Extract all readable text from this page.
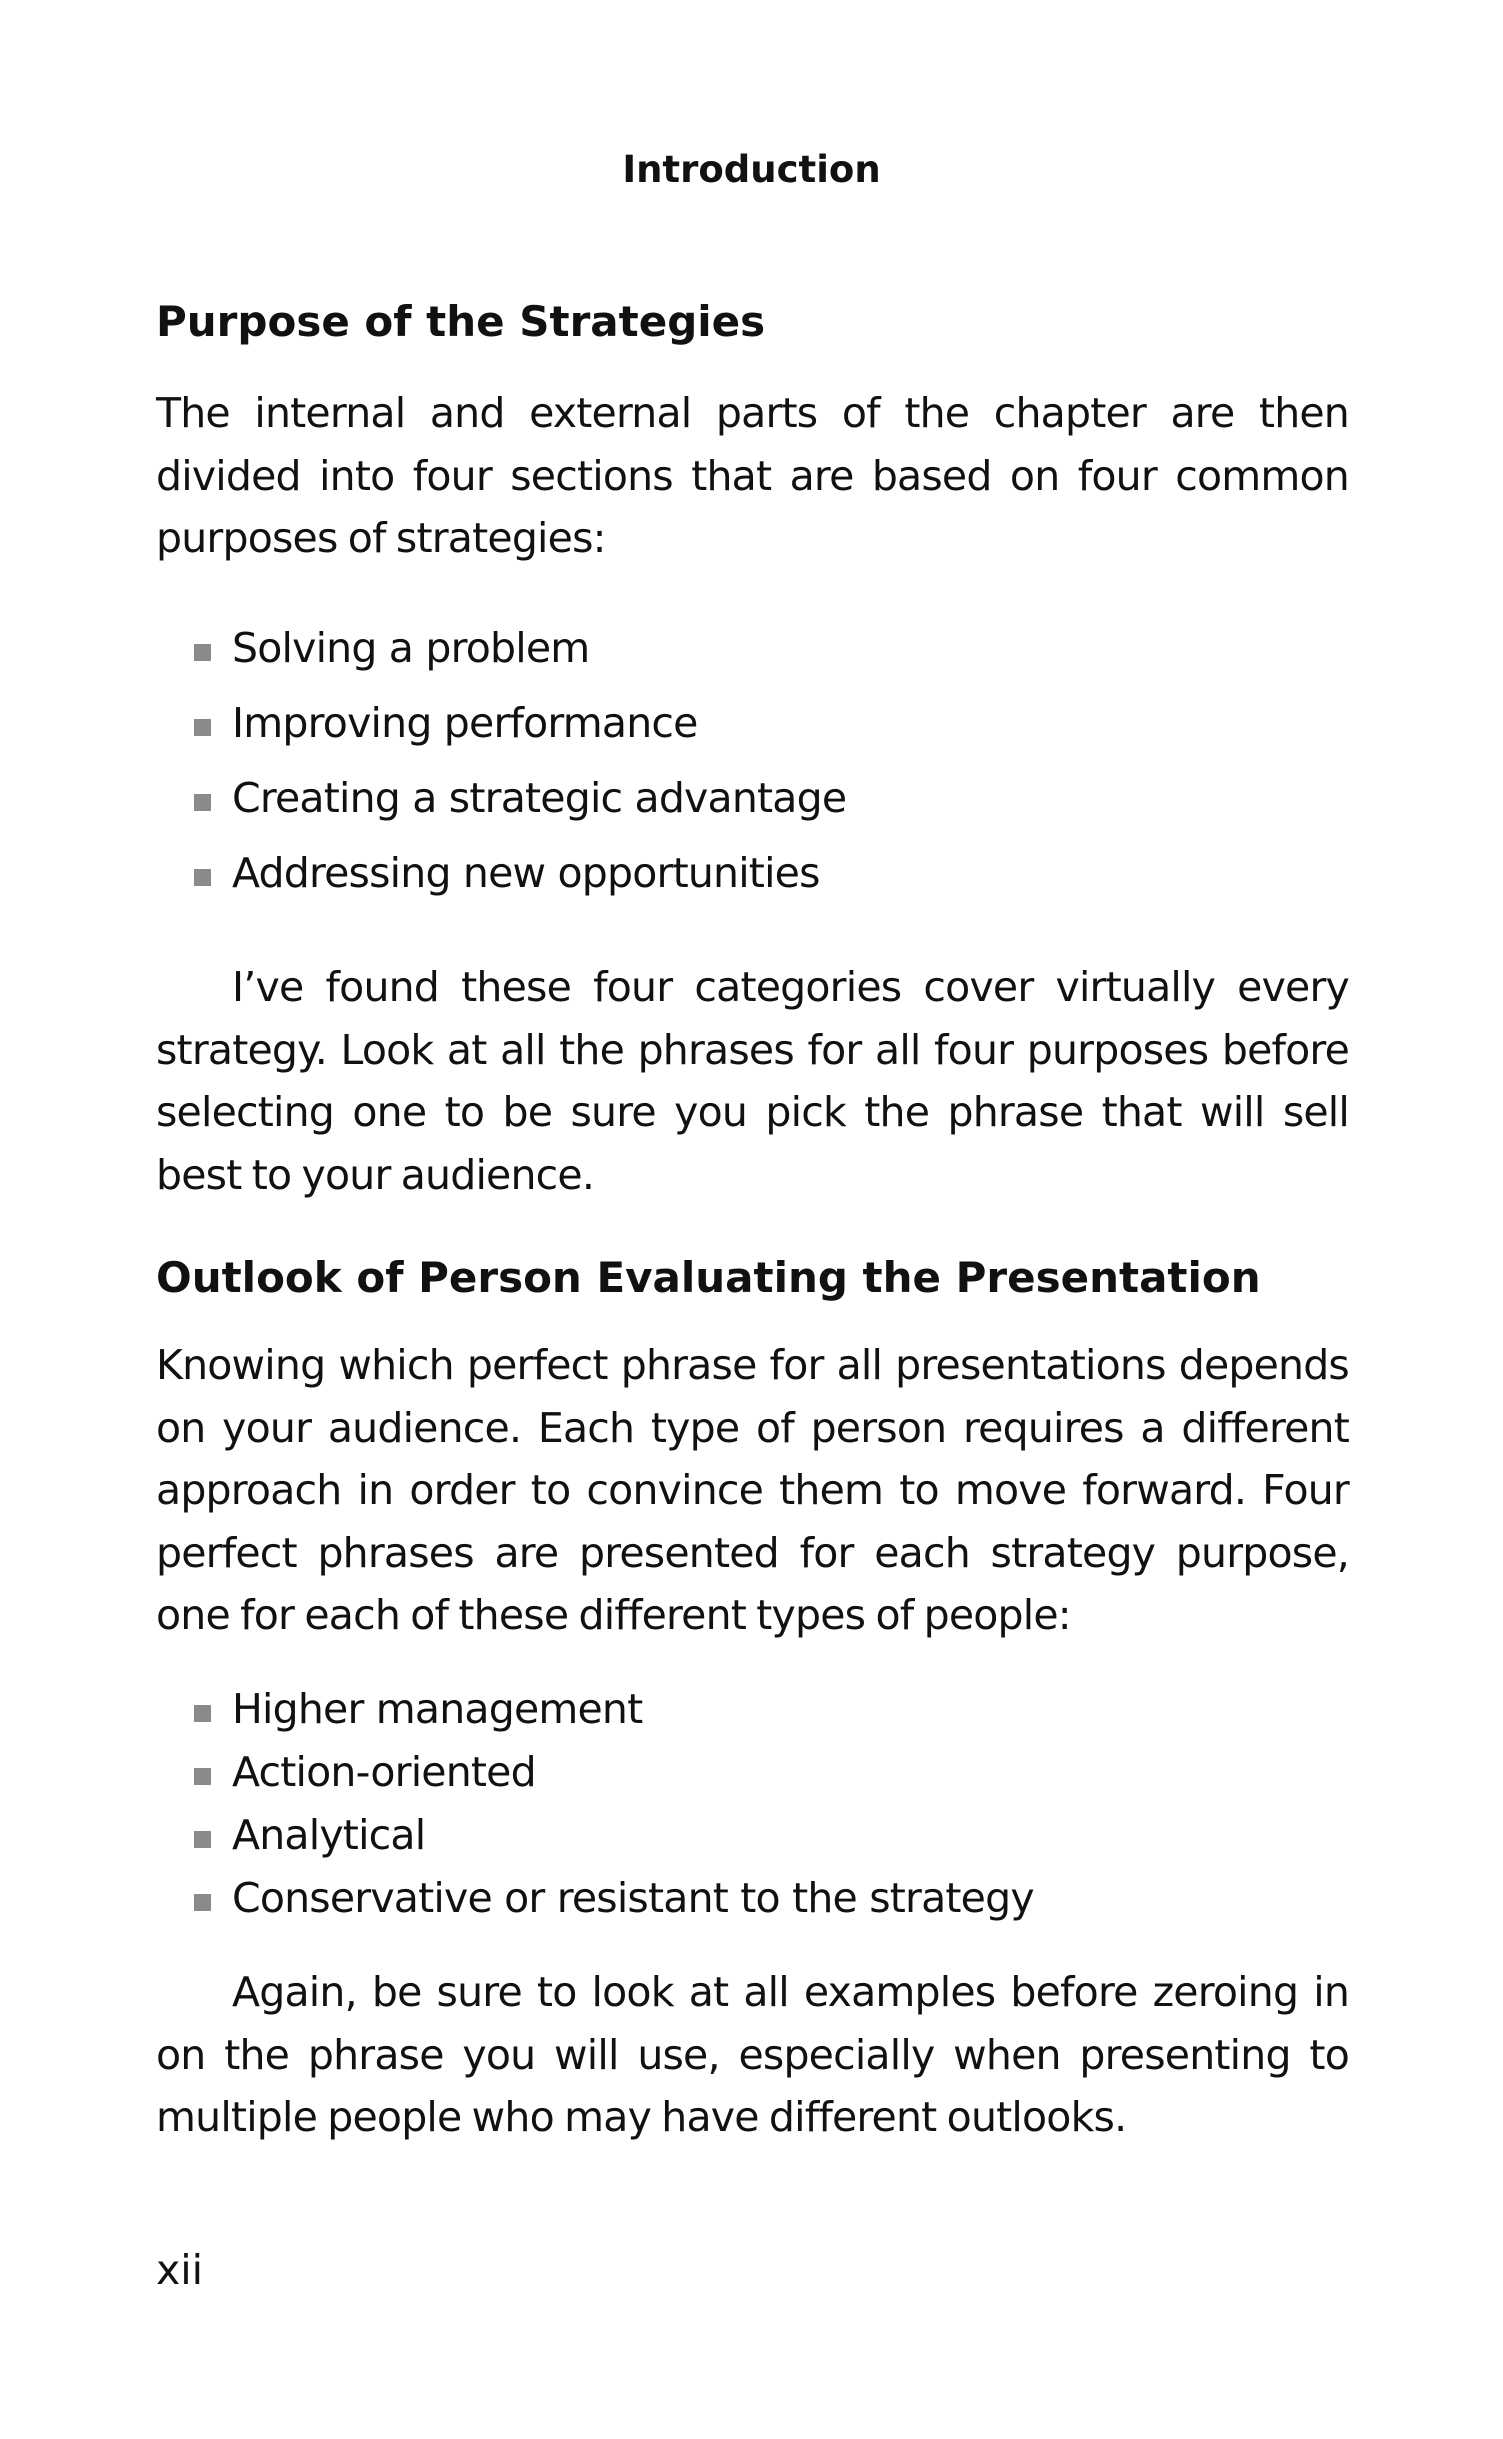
Introduction
Purpose of the Strategies

The internal and external parts of the chapter are then divided into four sections that are based on four common purposes of strategies:

Solving a problem
Improving performance
Creating a strategic advantage
Addressing new opportunities

I’ve found these four categories cover virtually every strategy. Look at all the phrases for all four purposes before selecting one to be sure you pick the phrase that will sell best to your audience.

Outlook of Person Evaluating the Presentation

Knowing which perfect phrase for all presentations depends on your audience. Each type of person requires a different approach in order to convince them to move forward. Four perfect phrases are presented for each strategy purpose, one for each of these different types of people:

Higher management
Action-oriented
Analytical
Conservative or resistant to the strategy

Again, be sure to look at all examples before zeroing in on the phrase you will use, especially when presenting to multiple people who may have different outlooks.

xii
